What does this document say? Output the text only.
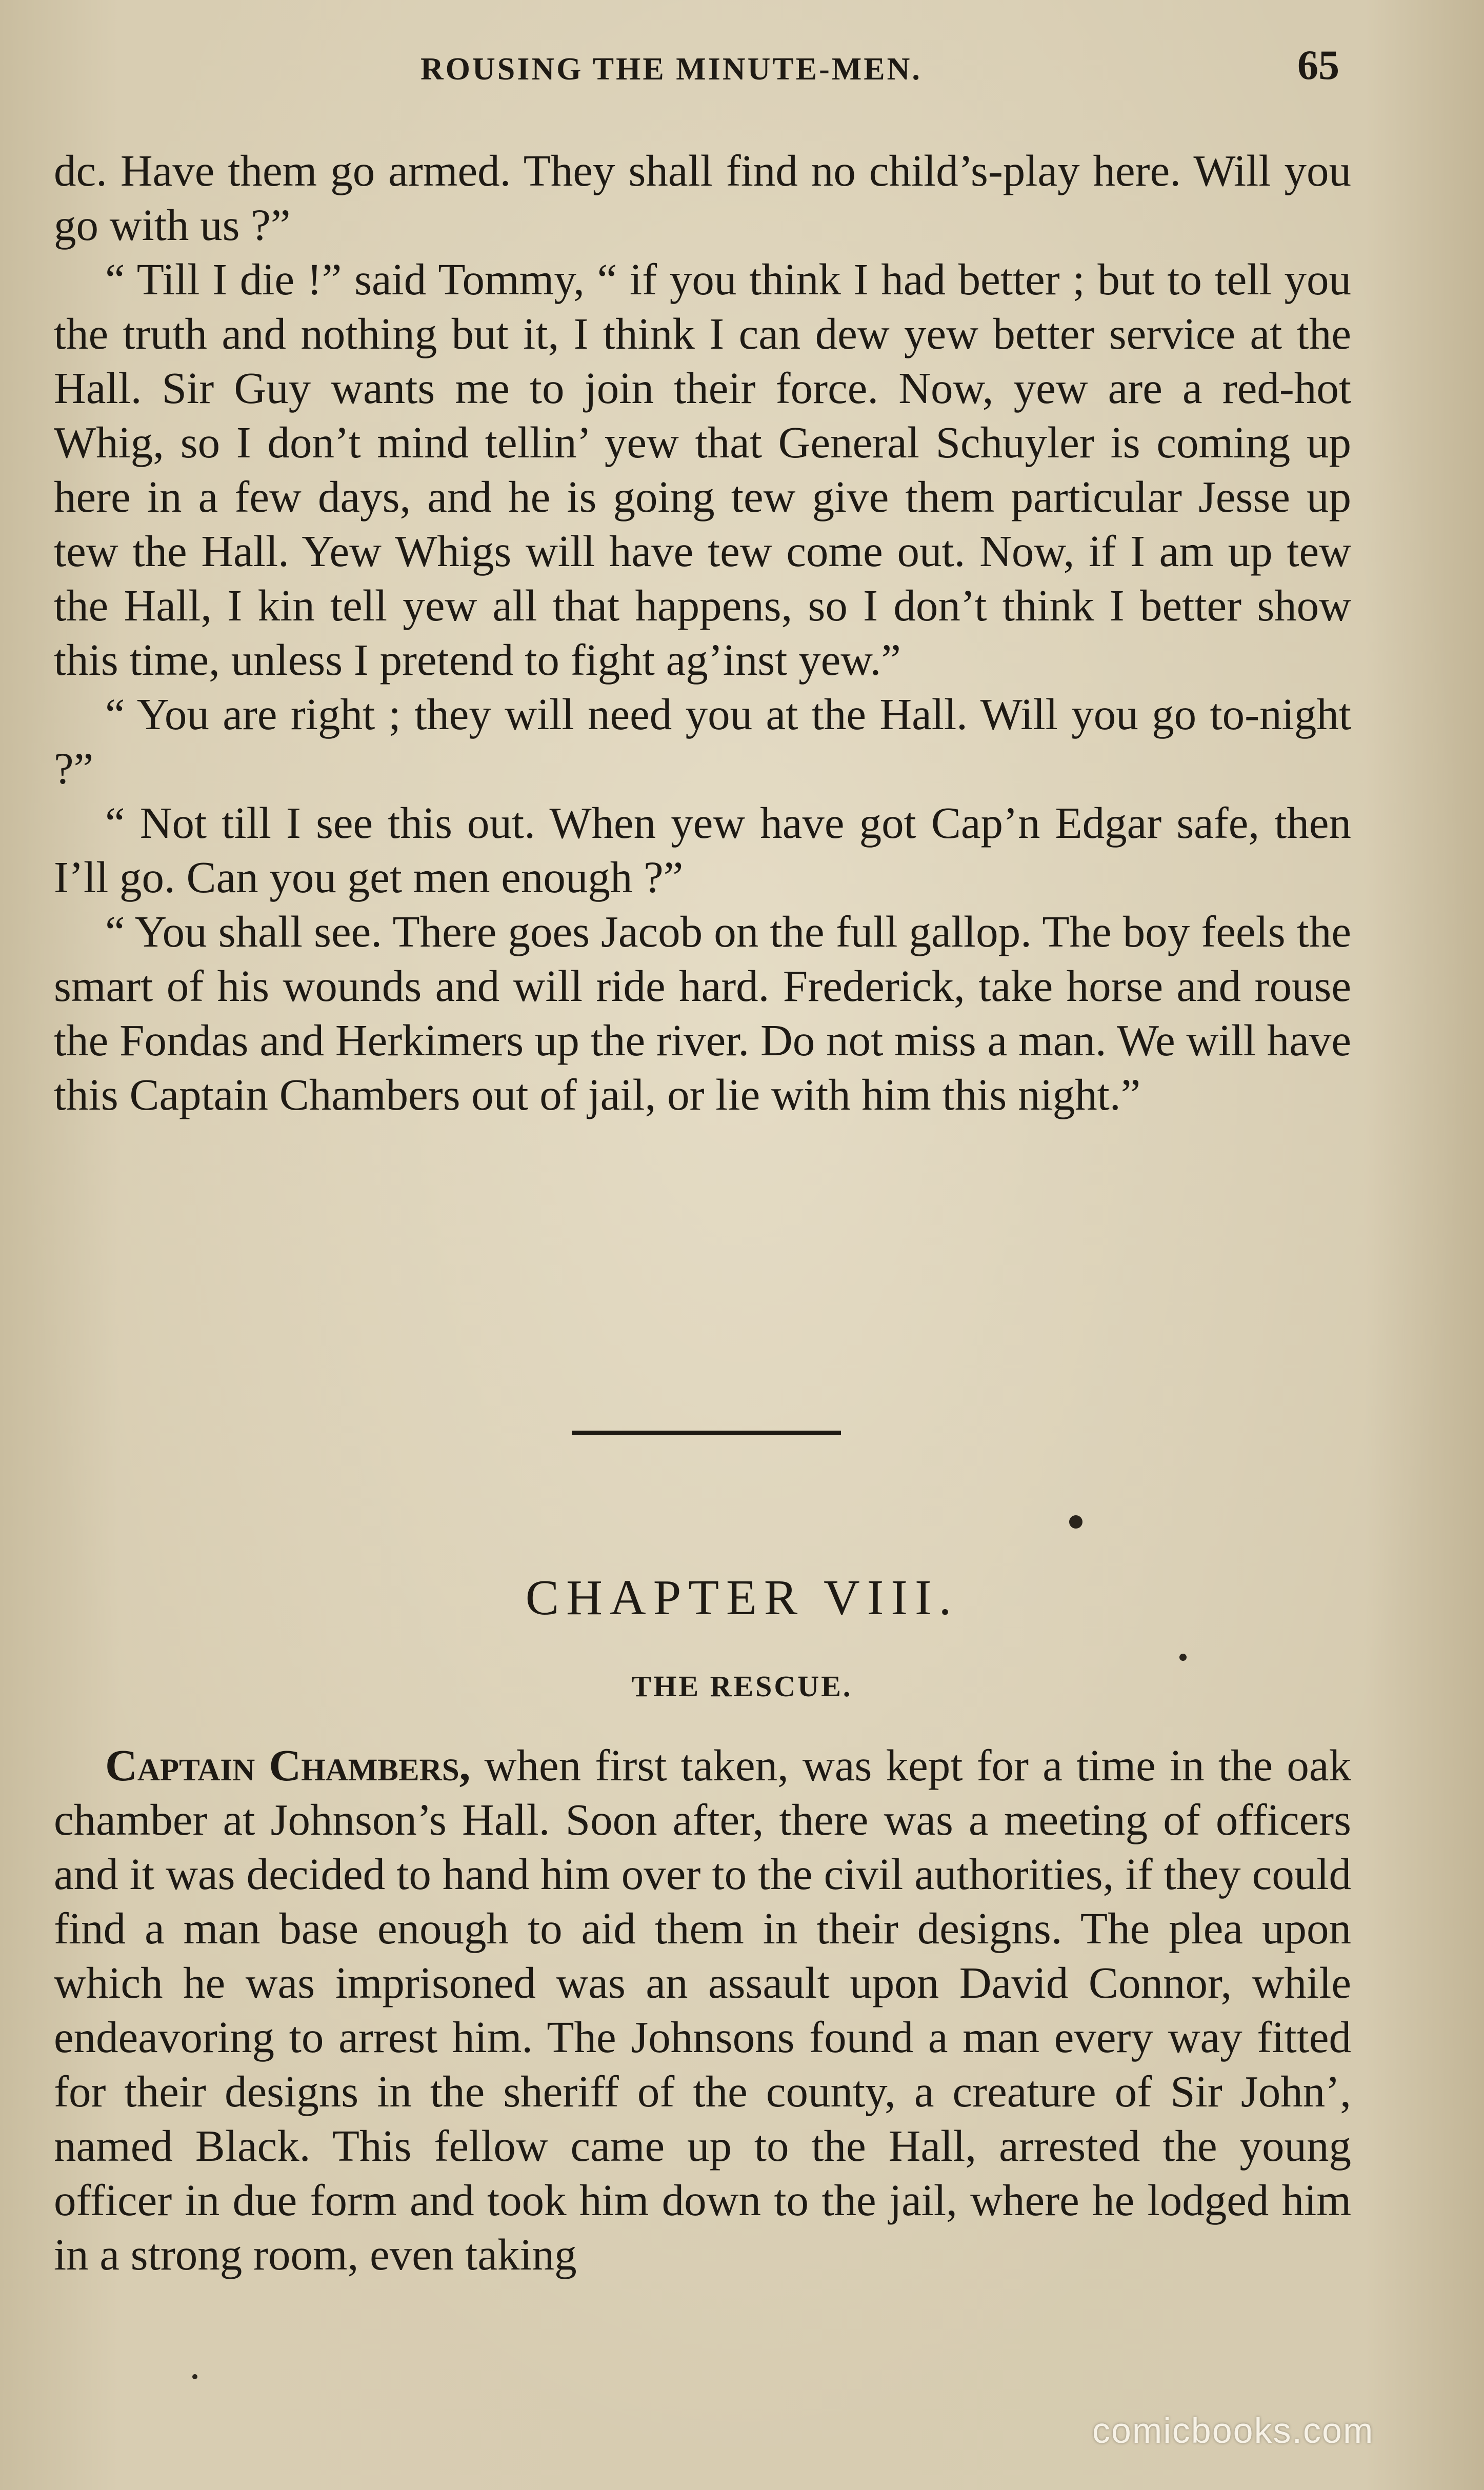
ROUSING THE MINUTE-MEN.	65

dc. Have them go armed. They shall find no child’s-play here. Will you go with us ?”

“ Till I die !” said Tommy, “ if you think I had better ; but to tell you the truth and nothing but it, I think I can dew yew better service at the Hall. Sir Guy wants me to join their force. Now, yew are a red-hot Whig, so I don’t mind tellin’ yew that General Schuyler is coming up here in a few days, and he is going tew give them particular Jesse up tew the Hall. Yew Whigs will have tew come out. Now, if I am up tew the Hall, I kin tell yew all that happens, so I don’t think I better show this time, unless I pretend to fight ag’inst yew.”

“ You are right ; they will need you at the Hall. Will you go to-night ?”

“ Not till I see this out. When yew have got Cap’n Edgar safe, then I’ll go. Can you get men enough ?”

“ You shall see. There goes Jacob on the full gallop. The boy feels the smart of his wounds and will ride hard. Frederick, take horse and rouse the Fondas and Herkimers up the river. Do not miss a man. We will have this Captain Chambers out of jail, or lie with him this night.”

CHAPTER VIII.
THE RESCUE.

Captain Chambers, when first taken, was kept for a time in the oak chamber at Johnson’s Hall. Soon after, there was a meeting of officers and it was decided to hand him over to the civil authorities, if they could find a man base enough to aid them in their designs. The plea upon which he was imprisoned was an assault upon David Connor, while endeavoring to arrest him. The Johnsons found a man every way fitted for their designs in the sheriff of the county, a creature of Sir John’, named Black. This fellow came up to the Hall, arrested the young officer in due form and took him down to the jail, where he lodged him in a strong room, even taking

comicbooks.com
